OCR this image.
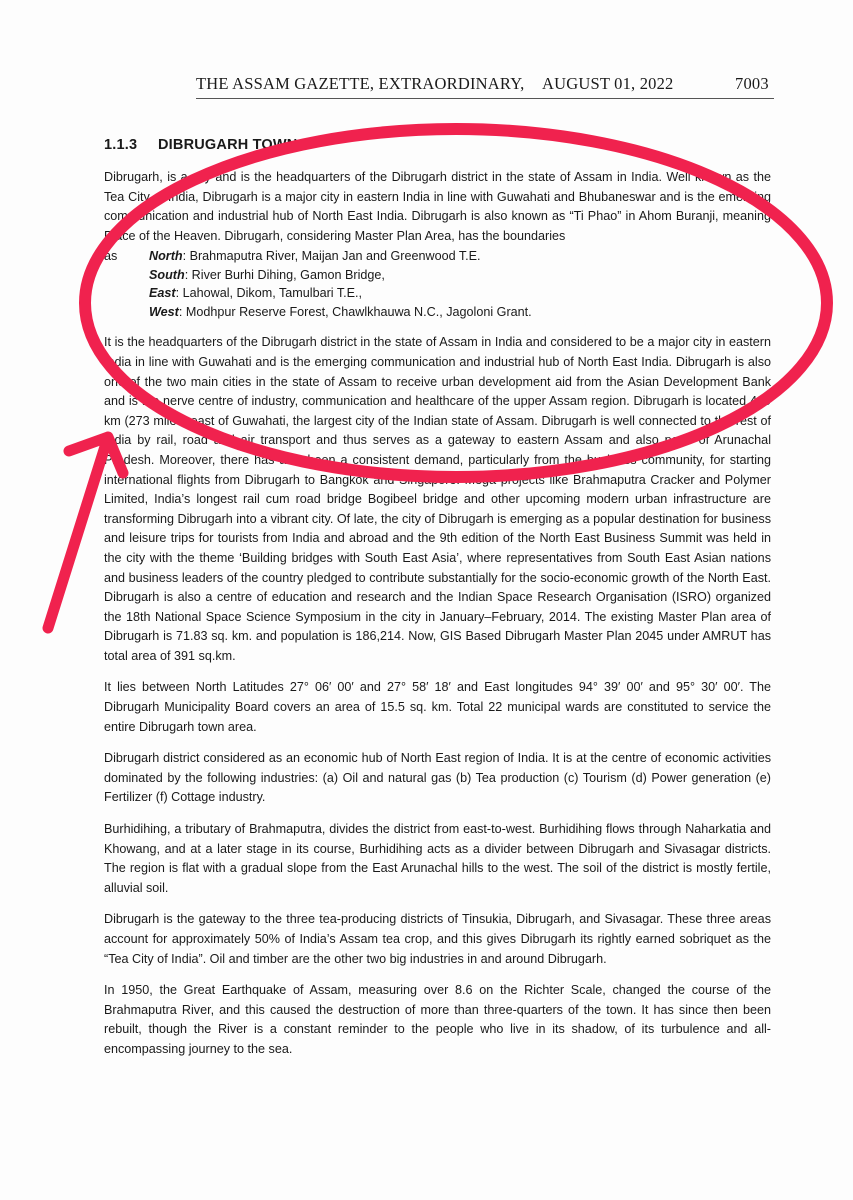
THE ASSAM GAZETTE, EXTRAORDINARY, AUGUST 01, 2022	7003
1.1.3 DIBRUGARH TOWN

Dibrugarh, is a city and is the headquarters of the Dibrugarh district in the state of Assam in India. Well known as the Tea City of India, Dibrugarh is a major city in eastern India in line with Guwahati and Bhubaneswar and is the emerging communication and industrial hub of North East India. Dibrugarh is also known as “Ti Phao” in Ahom Buranji, meaning Place of the Heaven. Dibrugarh, considering Master Plan Area, has the boundaries

as	North: Brahmaputra River, Maijan Jan and Greenwood T.E.
South: River Burhi Dihing, Gamon Bridge,
East: Lahowal, Dikom, Tamulbari T.E.,
West: Modhpur Reserve Forest, Chawlkhauwa N.C., Jagoloni Grant.

It is the headquarters of the Dibrugarh district in the state of Assam in India and considered to be a major city in eastern India in line with Guwahati and is the emerging communication and industrial hub of North East India. Dibrugarh is also one of the two main cities in the state of Assam to receive urban development aid from the Asian Development Bank and is the nerve centre of industry, communication and healthcare of the upper Assam region. Dibrugarh is located 439 km (273 miles) east of Guwahati, the largest city of the Indian state of Assam. Dibrugarh is well connected to the rest of India by rail, road and air transport and thus serves as a gateway to eastern Assam and also parts of Arunachal Pradesh. Moreover, there has also been a consistent demand, particularly from the business community, for starting international flights from Dibrugarh to Bangkok and Singapore. Mega projects like Brahmaputra Cracker and Polymer Limited, India’s longest rail cum road bridge Bogibeel bridge and other upcoming modern urban infrastructure are transforming Dibrugarh into a vibrant city. Of late, the city of Dibrugarh is emerging as a popular destination for business and leisure trips for tourists from India and abroad and the 9th edition of the North East Business Summit was held in the city with the theme ‘Building bridges with South East Asia’, where representatives from South East Asian nations and business leaders of the country pledged to contribute substantially for the socio-economic growth of the North East. Dibrugarh is also a centre of education and research and the Indian Space Research Organisation (ISRO) organized the 18th National Space Science Symposium in the city in January–February, 2014. The existing Master Plan area of Dibrugarh is 71.83 sq. km. and population is 186,214. Now, GIS Based Dibrugarh Master Plan 2045 under AMRUT has total area of 391 sq.km.

It lies between North Latitudes 27° 06′ 00′ and 27° 58′ 18′ and East longitudes 94° 39′ 00′ and 95° 30′ 00′. The Dibrugarh Municipality Board covers an area of 15.5 sq. km. Total 22 municipal wards are constituted to service the entire Dibrugarh town area.

Dibrugarh district considered as an economic hub of North East region of India. It is at the centre of economic activities dominated by the following industries: (a) Oil and natural gas (b) Tea production (c) Tourism (d) Power generation (e) Fertilizer (f) Cottage industry.

Burhidihing, a tributary of Brahmaputra, divides the district from east-to-west. Burhidihing flows through Naharkatia and Khowang, and at a later stage in its course, Burhidihing acts as a divider between Dibrugarh and Sivasagar districts. The region is flat with a gradual slope from the East Arunachal hills to the west. The soil of the district is mostly fertile, alluvial soil.

Dibrugarh is the gateway to the three tea-producing districts of Tinsukia, Dibrugarh, and Sivasagar. These three areas account for approximately 50% of India’s Assam tea crop, and this gives Dibrugarh its rightly earned sobriquet as the “Tea City of India”. Oil and timber are the other two big industries in and around Dibrugarh.

In 1950, the Great Earthquake of Assam, measuring over 8.6 on the Richter Scale, changed the course of the Brahmaputra River, and this caused the destruction of more than three-quarters of the town. It has since then been rebuilt, though the River is a constant reminder to the people who live in its shadow, of its turbulence and all-encompassing journey to the sea.
